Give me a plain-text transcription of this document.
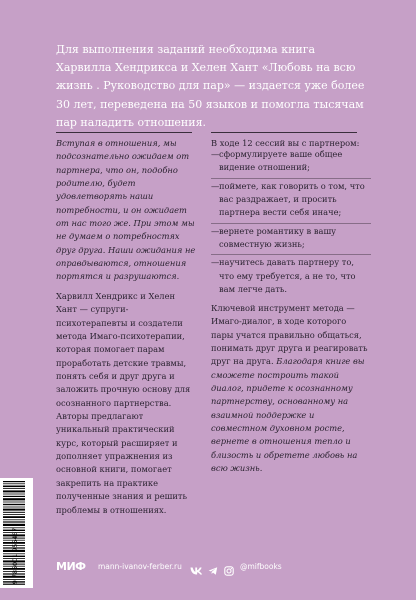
Для выполнения заданий необходима книга Харвилла Хендрикса и Хелен Хант «Любовь на всю жизнь . Руководство для пар» — издается уже более 30 лет, переведена на 50 языков и помогла тысячам пар наладить отношения.

Вступая в отношения, мы подсознательно ожидаем от партнера, что он, подобно родителю, будет удовлетворять наши потребности, и он ожидает от нас того же. При этом мы не думаем о потребностях друг друга. Наши ожидания не оправдываются, отношения портятся и разрушаются.

Харвилл Хендрикс и Хелен Хант — супруги-психотерапевты и создатели метода Имаго-психотерапии, которая помогает парам проработать детские травмы, понять себя и друг друга и заложить прочную основу для осознанного партнерства. Авторы предлагают уникальный практический курс, который расширяет и дополняет упражнения из основной книги, помогает закрепить на практике полученные знания и решить проблемы в отношениях.

В ходе 12 сессий вы с партнером:
— сформулируете ваше общее видение отношений;
— поймете, как говорить о том, что вас раздражает, и просить партнера вести себя иначе;
— вернете романтику в вашу совместную жизнь;
— научитесь давать партнеру то, что ему требуется, а не то, что вам легче дать.

Ключевой инструмент метода — Имаго-диалог, в ходе которого пары учатся правильно общаться, понимать друг друга и реагировать друг на друга. Благодаря книге вы сможете построить такой диалог, придете к осознанному партнерству, основанному на взаимной поддержке и совместном духовном росте, вернете в отношения тепло и близость и обретете любовь на всю жизнь.

9 785001 955467	МИФ mann-ivanov-ferber.ru	@mifbooks
